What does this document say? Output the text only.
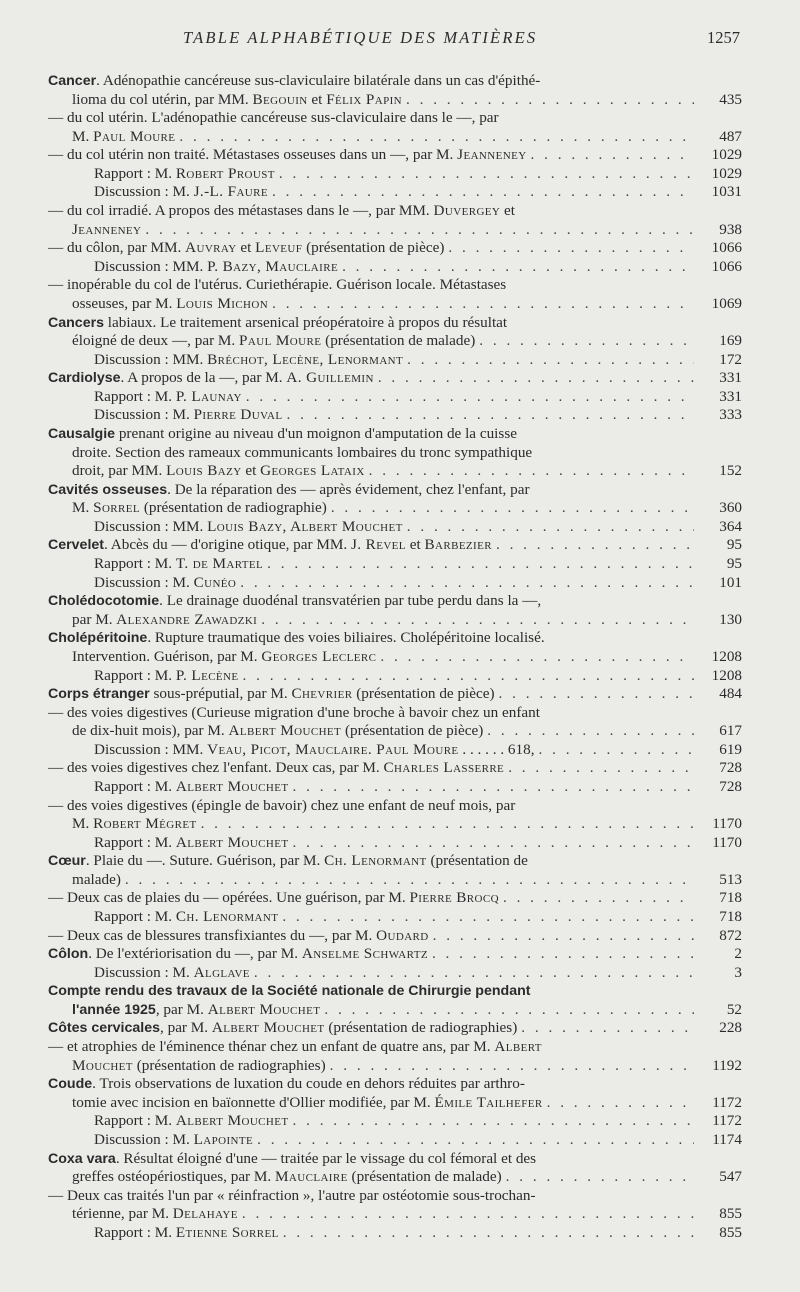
TABLE ALPHABÉTIQUE DES MATIÈRES	1257
Cancer. Adénopathie cancéreuse sus-claviculaire bilatérale dans un cas d'épithé-
lioma du col utérin, par MM. Begouin et Félix Papin . . .	435
— du col utérin. L'adénopathie cancéreuse sus-claviculaire dans le —, par
M. Paul Moure . . .	487
— du col utérin non traité. Métastases osseuses dans un —, par M. Jeanneney . . .	1029
Rapport : M. Robert Proust . . .	1029
Discussion : M. J.-L. Faure . . .	1031
— du col irradié. A propos des métastases dans le —, par MM. Duvergey et
Jeanneney . . .	938
— du côlon, par MM. Auvray et Leveuf (présentation de pièce) . . .	1066
Discussion : MM. P. Bazy, Mauclaire . . .	1066
— inopérable du col de l'utérus. Curiethérapie. Guérison locale. Métastases
osseuses, par M. Louis Michon . . .	1069
Cancers labiaux. Le traitement arsenical préopératoire à propos du résultat
éloigné de deux —, par M. Paul Moure (présentation de malade) . . .	169
Discussion : MM. Bréchot, Lecène, Lenormant . . .	172
Cardiolyse. A propos de la —, par M. A. Guillemin . . .	331
Rapport : M. P. Launay . . .	331
Discussion : M. Pierre Duval . . .	333
Causalgie prenant origine au niveau d'un moignon d'amputation de la cuisse
droite. Section des rameaux communicants lombaires du tronc sympathique
droit, par MM. Louis Bazy et Georges Lataix . . .	152
Cavités osseuses. De la réparation des — après évidement, chez l'enfant, par
M. Sorrel (présentation de radiographie) . . .	360
Discussion : MM. Louis Bazy, Albert Mouchet . . .	364
Cervelet. Abcès du — d'origine otique, par MM. J. Revel et Barbezier . . .	95
Rapport : M. T. de Martel . . .	95
Discussion : M. Cunéo . . .	101
Cholédocotomie. Le drainage duodénal transvatérien par tube perdu dans la —,
par M. Alexandre Zawadzki . . .	130
Cholépéritoine. Rupture traumatique des voies biliaires. Cholépéritoine localisé.
Intervention. Guérison, par M. Georges Leclerc . . .	1208
Rapport : M. P. Lecène . . .	1208
Corps étranger sous-préputial, par M. Chevrier (présentation de pièce) . . .	484
— des voies digestives (Curieuse migration d'une broche à bavoir chez un enfant
de dix-huit mois), par M. Albert Mouchet (présentation de pièce) . . .	617
Discussion : MM. Veau, Picot, Mauclaire. Paul Moure . . . . . . 618, . . .	619
— des voies digestives chez l'enfant. Deux cas, par M. Charles Lasserre . . .	728
Rapport : M. Albert Mouchet . . .	728
— des voies digestives (épingle de bavoir) chez une enfant de neuf mois, par
M. Robert Mégret . . .	1170
Rapport : M. Albert Mouchet . . .	1170
Cœur. Plaie du —. Suture. Guérison, par M. Ch. Lenormant (présentation de
malade) . . .	513
— Deux cas de plaies du — opérées. Une guérison, par M. Pierre Brocq . . .	718
Rapport : M. Ch. Lenormant . . .	718
— Deux cas de blessures transfixiantes du —, par M. Oudard . . .	872
Côlon. De l'extériorisation du —, par M. Anselme Schwartz . . .	2
Discussion : M. Alglave . . .	3
Compte rendu des travaux de la Société nationale de Chirurgie pendant
l'année 1925, par M. Albert Mouchet . . .	52
Côtes cervicales, par M. Albert Mouchet (présentation de radiographies) . . .	228
— et atrophies de l'éminence thénar chez un enfant de quatre ans, par M. Albert
Mouchet (présentation de radiographies) . . .	1192
Coude. Trois observations de luxation du coude en dehors réduites par arthro-
tomie avec incision en baïonnette d'Ollier modifiée, par M. Émile Tailhefer . . .	1172
Rapport : M. Albert Mouchet . . .	1172
Discussion : M. Lapointe . . .	1174
Coxa vara. Résultat éloigné d'une — traitée par le vissage du col fémoral et des
greffes ostéopériostiques, par M. Mauclaire (présentation de malade) . . .	547
— Deux cas traités l'un par « réinfraction », l'autre par ostéotomie sous-trochan-
térienne, par M. Delahaye . . .	855
Rapport : M. Etienne Sorrel . . .	855
